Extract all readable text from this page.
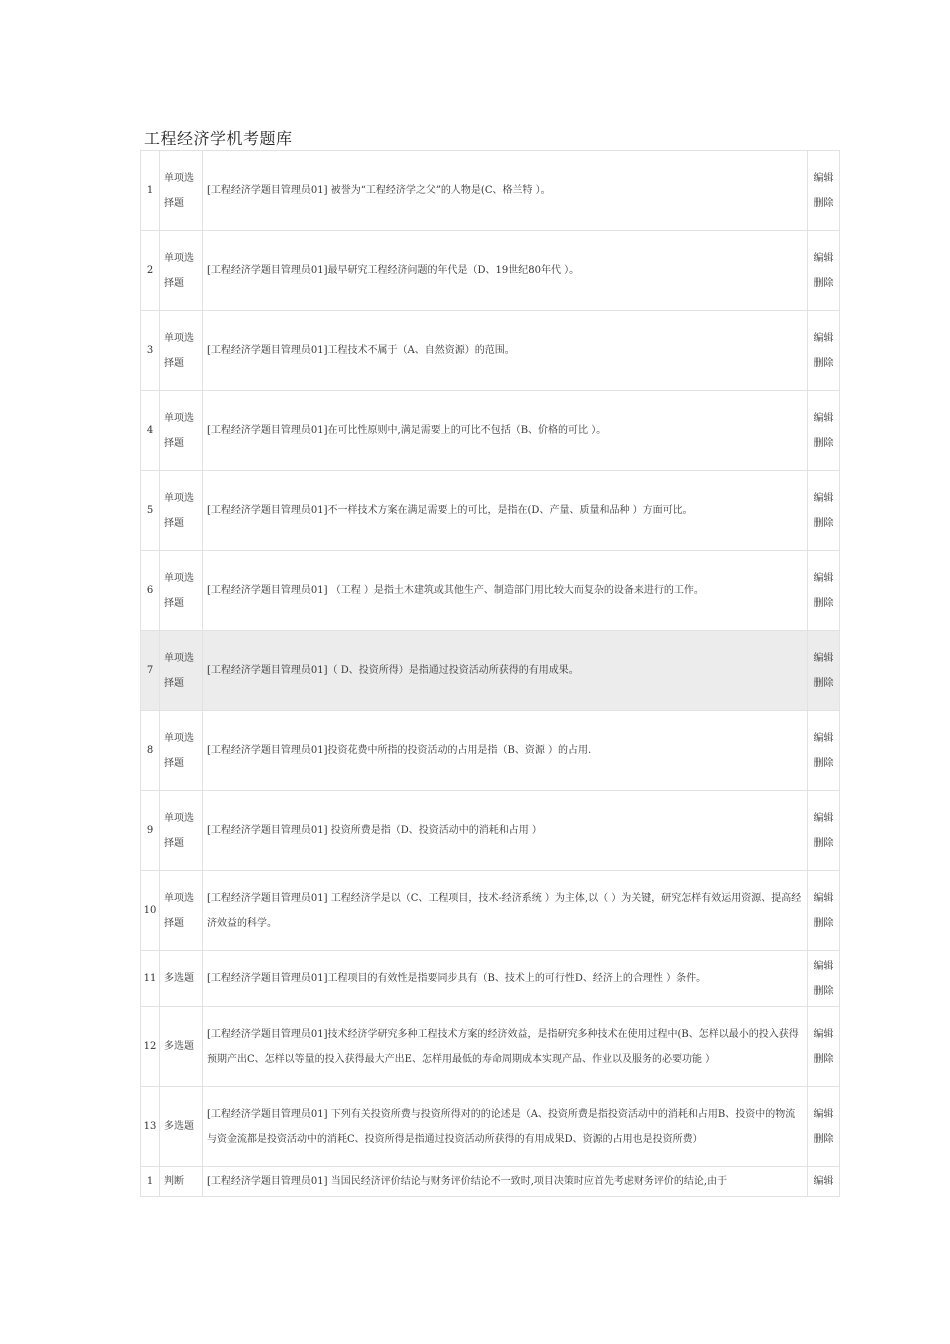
工程经济学机考题库
1	单项选择题	[工程经济学题目管理员01] 被誉为“工程经济学之父”的人物是(C、格兰特 ）。	编辑
删除

2	单项选择题	[工程经济学题目管理员01]最早研究工程经济问题的年代是（D、19世纪80年代 ）。	编辑
删除

3	单项选择题	[工程经济学题目管理员01]工程技术不属于（A、自然资源）的范围。	编辑
删除

4	单项选择题	[工程经济学题目管理员01]在可比性原则中,满足需要上的可比不包括（B、价格的可比 ）。	编辑
删除

5	单项选择题	[工程经济学题目管理员01]不一样技术方案在满足需要上的可比，是指在(D、产量、质量和品种 ）方面可比。	编辑
删除

6	单项选择题	[工程经济学题目管理员01] （工程 ）是指土木建筑或其他生产、制造部门用比较大而复杂的设备来进行的工作。	编辑
删除

7	单项选择题	[工程经济学题目管理员01]（ D、投资所得）是指通过投资活动所获得的有用成果。	编辑
删除

8	单项选择题	[工程经济学题目管理员01]投资花费中所指的投资活动的占用是指（B、资源 ）的占用.	编辑
删除

9	单项选择题	[工程经济学题目管理员01] 投资所费是指（D、投资活动中的消耗和占用 ）	编辑
删除

10	单项选择题	[工程经济学题目管理员01] 工程经济学是以（C、工程项目，技术-经济系统 ）为主体,以（ ）为关键，研究怎样有效运用资源、提高经济效益的科学。	编辑
删除

11	多选题	[工程经济学题目管理员01]工程项目的有效性是指要同步具有（B、技术上的可行性D、经济上的合理性 ）条件。	编辑
删除

12	多选题	[工程经济学题目管理员01]技术经济学研究多种工程技术方案的经济效益，是指研究多种技术在使用过程中(B、怎样以最小的投入获得预期产出C、怎样以等量的投入获得最大产出E、怎样用最低的寿命周期成本实现产品、作业以及服务的必要功能 ）	编辑
删除

13	多选题	[工程经济学题目管理员01] 下列有关投资所费与投资所得对的的论述是（A、投资所费是指投资活动中的消耗和占用B、投资中的物流与资金流都是投资活动中的消耗C、投资所得是指通过投资活动所获得的有用成果D、资源的占用也是投资所费）	编辑
删除

1	判断	[工程经济学题目管理员01] 当国民经济评价结论与财务评价结论不一致时,项目决策时应首先考虑财务评价的结论,由于	编辑
